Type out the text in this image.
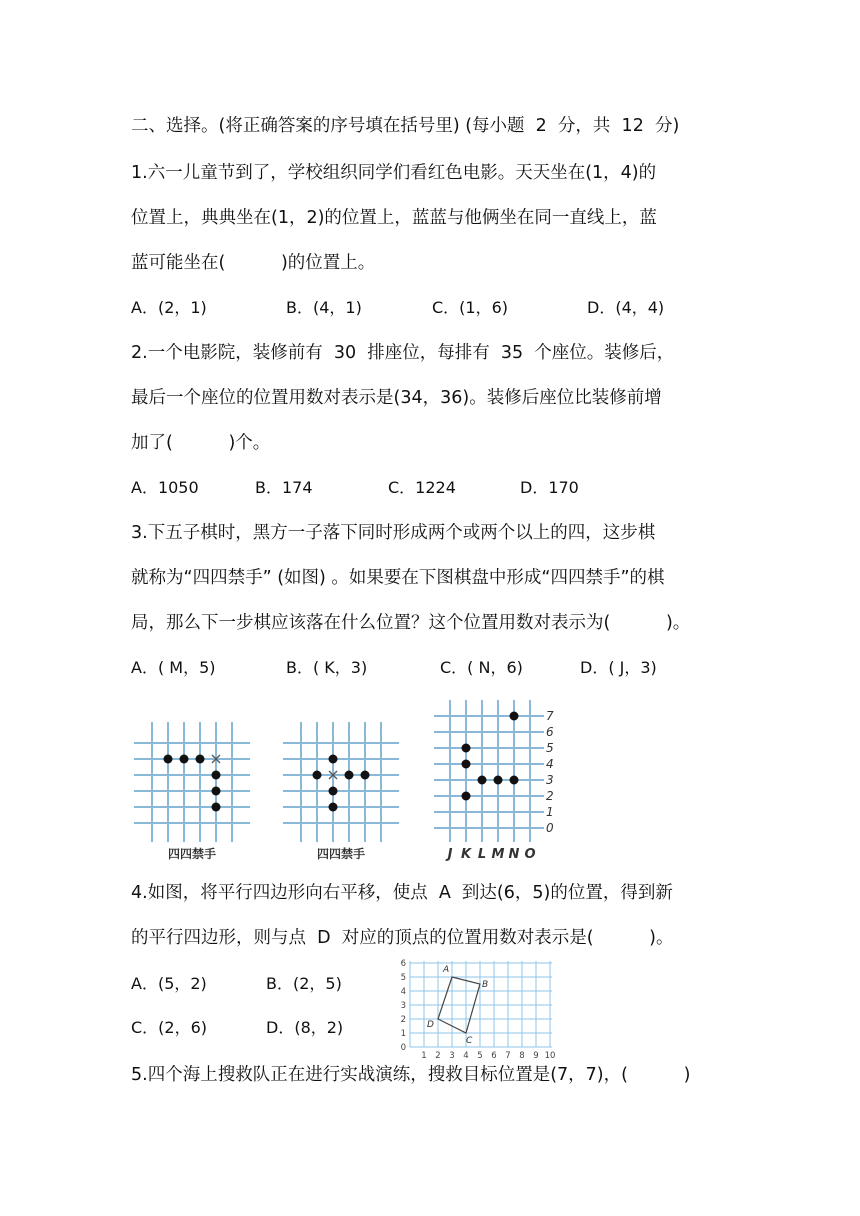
二、选择。(将正确答案的序号填在括号里) (每小题  2  分，共  12  分)
1.六一儿童节到了，学校组织同学们看红色电影。天天坐在(1，4)的
位置上，典典坐在(1，2)的位置上，蓝蓝与他俩坐在同一直线上，蓝
蓝可能坐在(          )的位置上。
A．(2，1)	B．(4，1)	C．(1，6)	D．(4，4)
2.一个电影院，装修前有  30  排座位，每排有  35  个座位。装修后，
最后一个座位的位置用数对表示是(34，36)。装修后座位比装修前增
加了(          )个。
A．1050	B．174	C．1224	D．170
3.下五子棋时，黑方一子落下同时形成两个或两个以上的四，这步棋
就称为“四四禁手” (如图) 。如果要在下图棋盘中形成“四四禁手”的棋
局，那么下一步棋应该落在什么位置？这个位置用数对表示为(          )。
A．( M，5)	B．( K，3)	C．( N，6)	D．( J，3)
四四禁手	四四禁手
7
6
5
4
3
2
1
0
J K L M N O
4.如图，将平行四边形向右平移，使点  A  到达(6，5)的位置，得到新
的平行四边形，则与点  D  对应的顶点的位置用数对表示是(          )。
A．(5，2)	B．(2，5)
C．(2，6)	D．(8，2)
A
B
C
D
6
5
4
3
2
1
0
1 2 3 4 5 6 7 8 9 10
5.四个海上搜救队正在进行实战演练，搜救目标位置是(7，7)，(          )
